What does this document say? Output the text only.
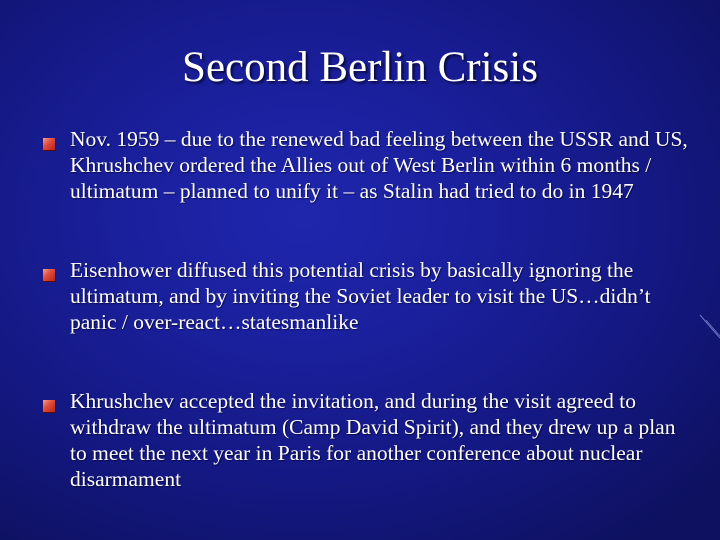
Second Berlin Crisis
Nov. 1959 – due to the renewed bad feeling between the USSR and US, Khrushchev ordered the Allies out of West Berlin within 6 months / ultimatum – planned to unify it – as Stalin had tried to do in 1947
Eisenhower diffused this potential crisis by basically ignoring the ultimatum, and by inviting the Soviet leader to visit the US…didn’t panic / over-react…statesmanlike
Khrushchev accepted the invitation, and during the visit agreed to withdraw the ultimatum (Camp David Spirit), and they drew up a plan to meet the next year in Paris for another conference about nuclear disarmament
